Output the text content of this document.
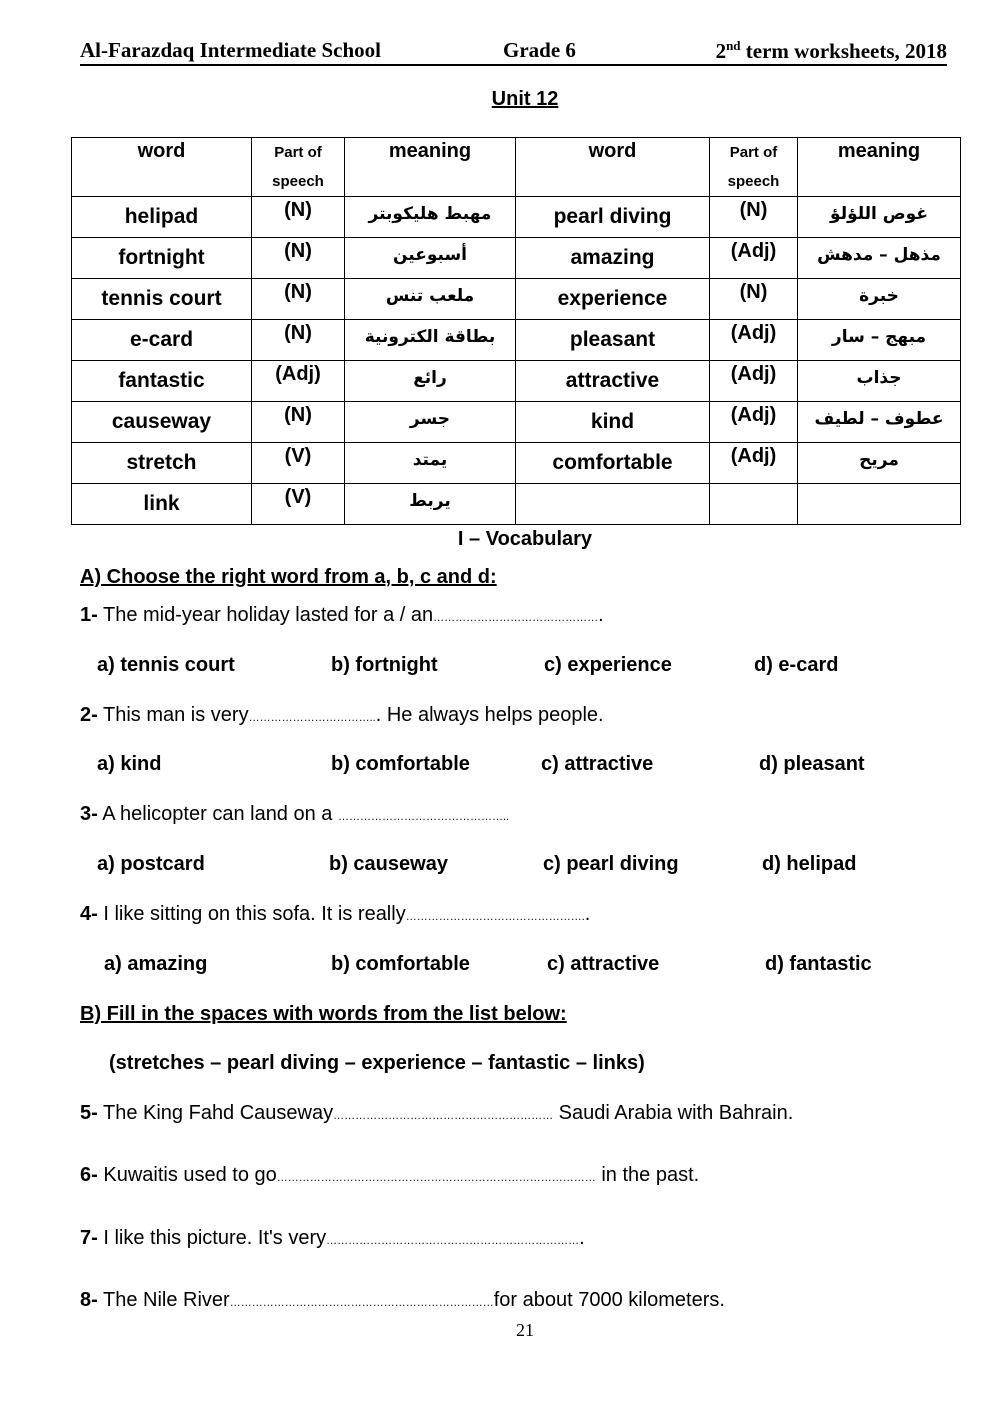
Al-Farazdaq Intermediate School	Grade 6	2nd term worksheets, 2018
Unit 12
word	Part of speech	meaning	word	Part of speech	meaning

helipad	(N)	مهبط هليكوبتر	pearl diving	(N)	غوص اللؤلؤ
fortnight	(N)	أسبوعين	amazing	(Adj)	مذهل – مدهش
tennis court	(N)	ملعب تنس	experience	(N)	خبرة
e-card	(N)	بطاقة الكترونية	pleasant	(Adj)	مبهج – سار
fantastic	(Adj)	رائع	attractive	(Adj)	جذاب
causeway	(N)	جسر	kind	(Adj)	عطوف – لطيف
stretch	(V)	يمتد	comfortable	(Adj)	مريح
link	(V)	يربط			
I – Vocabulary
A) Choose the right word from a, b, c and d:
1- The mid-year holiday lasted for a / an……………………………………….
a) tennis court	b) fortnight	c) experience	d) e-card
2- This man is very……………………………... He always helps people.
a) kind	b) comfortable	c) attractive	d) pleasant
3- A helicopter can land on a ………………………………………..
a) postcard	b) causeway	c) pearl diving	d) helipad
4- I like sitting on this sofa. It is really…………………………………………..
a) amazing	b) comfortable	c) attractive	d) fantastic
B) Fill in the spaces with words from the list below:
(stretches – pearl diving – experience – fantastic – links)
5- The King Fahd Causeway…………………………………………………… Saudi Arabia with Bahrain.
6- Kuwaitis used to go…………………………………………………………………………… in the past.
7- I like this picture. It's very…………………………………………………………….
8- The Nile River………………………………………………………………for about 7000 kilometers.
21
